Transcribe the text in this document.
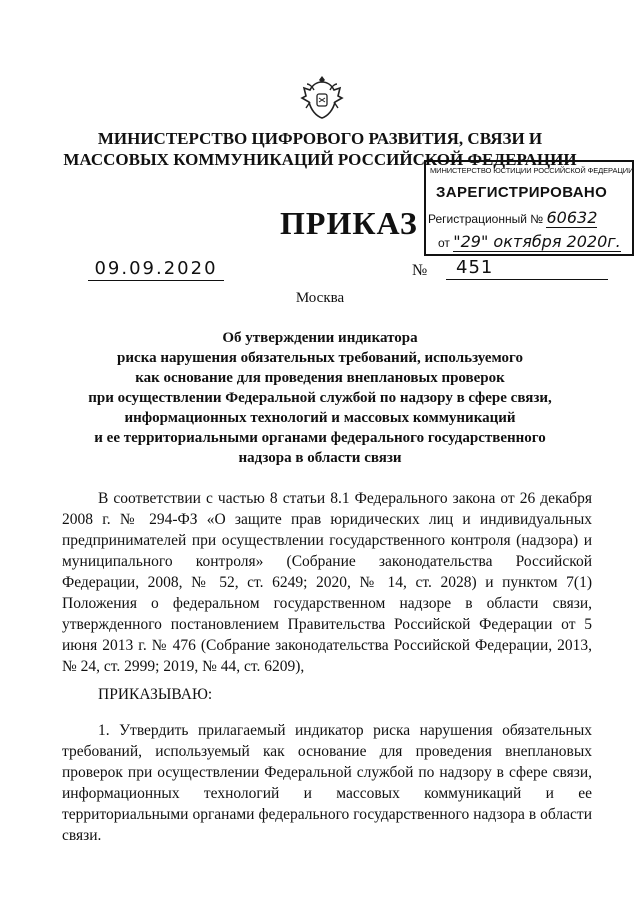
МИНИСТЕРСТВО ЦИФРОВОГО РАЗВИТИЯ, СВЯЗИ И
МАССОВЫХ КОММУНИКАЦИЙ РОССИЙСКОЙ ФЕДЕРАЦИИ
ПРИКАЗ
МИНИСТЕРСТВО ЮСТИЦИИ РОССИЙСКОЙ ФЕДЕРАЦИИ
ЗАРЕГИСТРИРОВАНО
Регистрационный № 60632
от "29" октября 2020г.
09.09.2020	№	451
Москва
Об утверждении индикатора
риска нарушения обязательных требований, используемого
как основание для проведения внеплановых проверок
при осуществлении Федеральной службой по надзору в сфере связи,
информационных технологий и массовых коммуникаций
и ее территориальными органами федерального государственного
надзора в области связи

В соответствии с частью 8 статьи 8.1 Федерального закона от 26 декабря 2008 г. № 294-ФЗ «О защите прав юридических лиц и индивидуальных предпринимателей при осуществлении государственного контроля (надзора) и муниципального контроля» (Собрание законодательства Российской Федерации, 2008, № 52, ст. 6249; 2020, № 14, ст. 2028) и пунктом 7(1) Положения о федеральном государственном надзоре в области связи, утвержденного постановлением Правительства Российской Федерации от 5 июня 2013 г. № 476 (Собрание законодательства Российской Федерации, 2013, № 24, ст. 2999; 2019, № 44, ст. 6209),

ПРИКАЗЫВАЮ:

1. Утвердить прилагаемый индикатор риска нарушения обязательных требований, используемый как основание для проведения внеплановых проверок при осуществлении Федеральной службой по надзору в сфере связи, информационных технологий и массовых коммуникаций и ее территориальными органами федерального государственного надзора в области связи.
